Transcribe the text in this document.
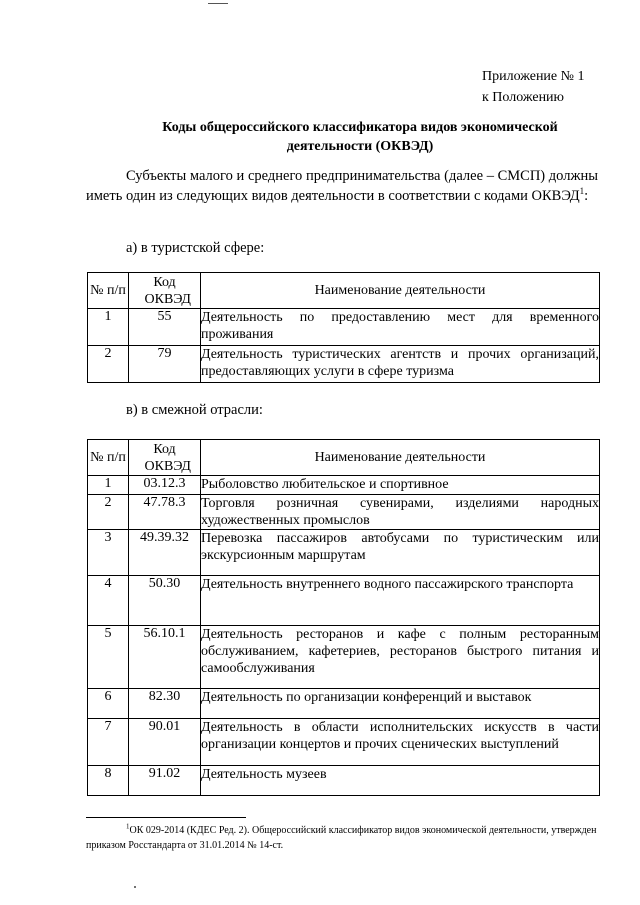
Приложение № 1
к Положению
Коды общероссийского классификатора видов экономической
деятельности (ОКВЭД)
Субъекты малого и среднего предпринимательства (далее – СМСП) должны иметь один из следующих видов деятельности в соответствии с кодами ОКВЭД$^1$:
а) в туристской сфере:
№ п/п	Код ОКВЭД	Наименование деятельности
1	55	Деятельность по предоставлению мест для временного проживания
2	79	Деятельность туристических агентств и прочих организаций, предоставляющих услуги в сфере туризма
в) в смежной отрасли:
№ п/п	Код ОКВЭД	Наименование деятельности
1	03.12.3	Рыболовство любительское и спортивное
2	47.78.3	Торговля розничная сувенирами, изделиями народных художественных промыслов
3	49.39.32	Перевозка пассажиров автобусами по туристическим или экскурсионным маршрутам
4	50.30	Деятельность внутреннего водного пассажирского транспорта
5	56.10.1	Деятельность ресторанов и кафе с полным ресторанным обслуживанием, кафетериев, ресторанов быстрого питания и самообслуживания
6	82.30	Деятельность по организации конференций и выставок
7	90.01	Деятельность в области исполнительских искусств в части организации концертов и прочих сценических выступлений
8	91.02	Деятельность музеев
$^1$ОК 029-2014 (КДЕС Ред. 2). Общероссийский классификатор видов экономической деятельности, утвержден приказом Росстандарта от 31.01.2014 № 14-ст.
